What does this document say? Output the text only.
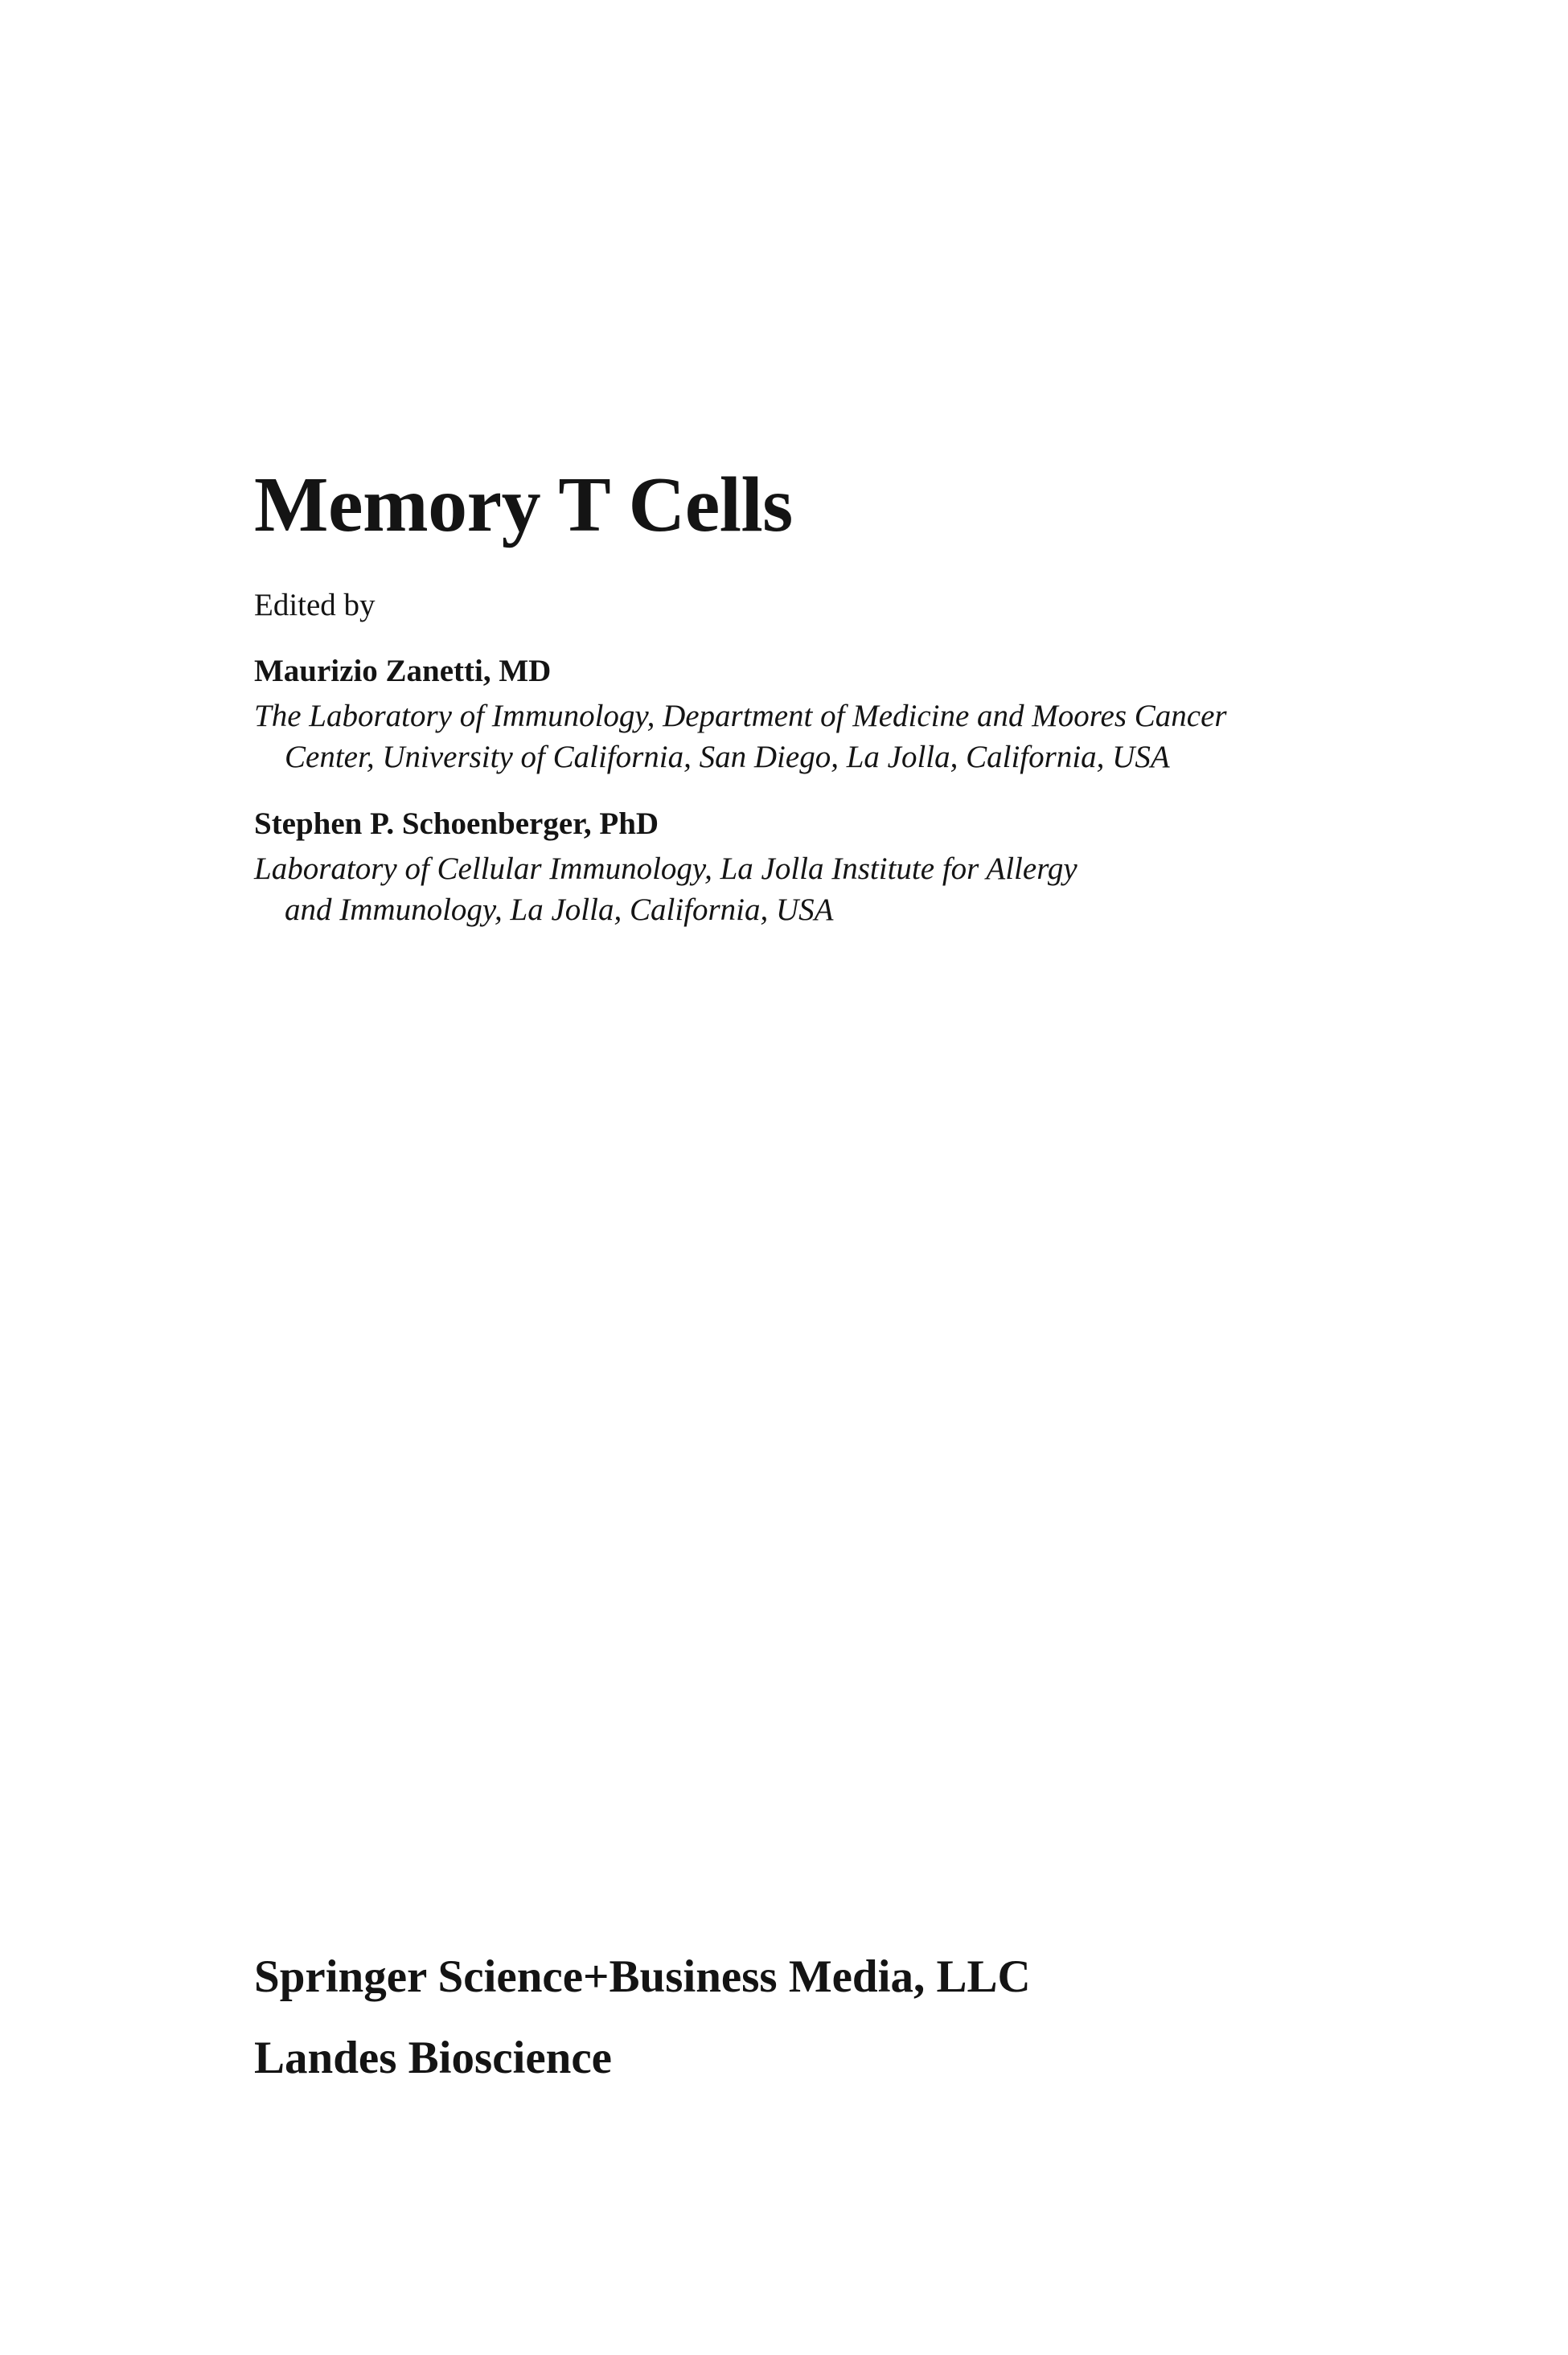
Memory T Cells
Edited by
Maurizio Zanetti, MD
The Laboratory of Immunology, Department of Medicine and Moores Cancer
Center, University of California, San Diego, La Jolla, California, USA
Stephen P. Schoenberger, PhD
Laboratory of Cellular Immunology, La Jolla Institute for Allergy
and Immunology, La Jolla, California, USA
Springer Science+Business Media, LLC
Landes Bioscience
